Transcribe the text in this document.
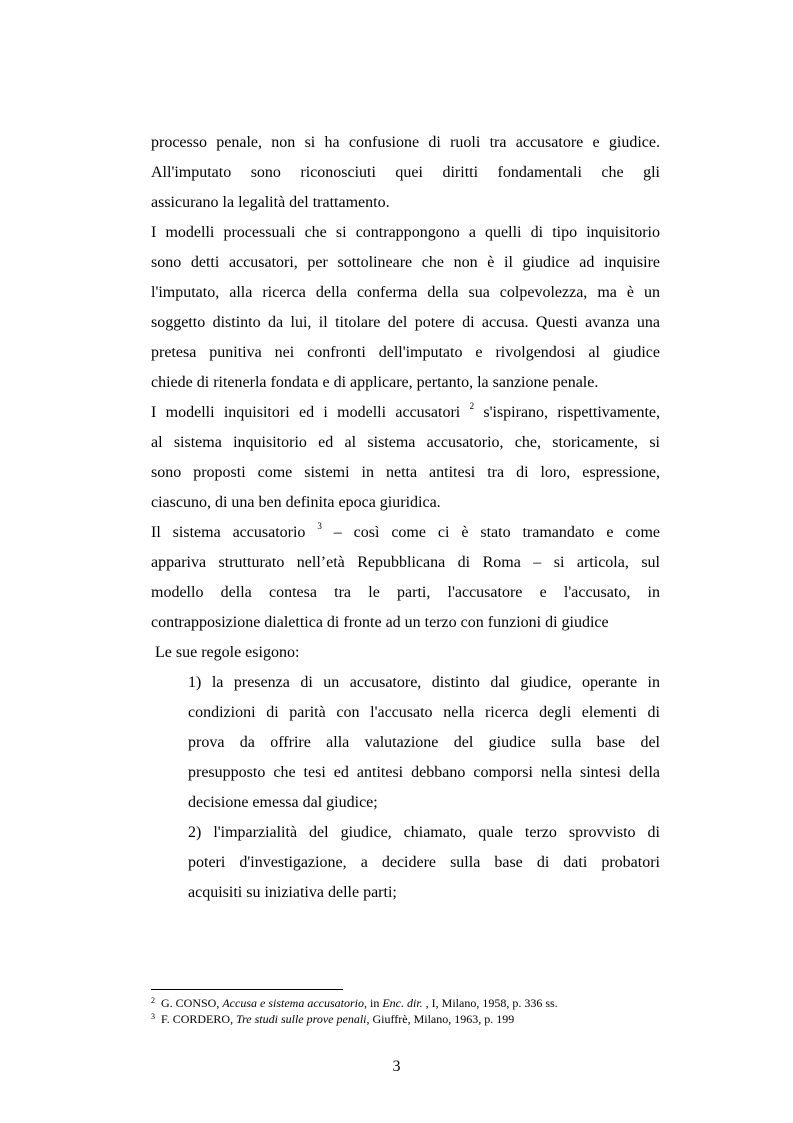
processo penale, non si ha confusione di ruoli tra accusatore e giudice.
All'imputato sono riconosciuti quei diritti fondamentali che gli
assicurano la legalità del trattamento.
I modelli processuali che si contrappongono a quelli di tipo inquisitorio
sono detti accusatori, per sottolineare che non è il giudice ad inquisire
l'imputato, alla ricerca della conferma della sua colpevolezza, ma è un
soggetto distinto da lui, il titolare del potere di accusa. Questi avanza una
pretesa punitiva nei confronti dell'imputato e rivolgendosi al giudice
chiede di ritenerla fondata e di applicare, pertanto, la sanzione penale.
I modelli inquisitori ed i modelli accusatori $^2$ s'ispirano, rispettivamente,
al sistema inquisitorio ed al sistema accusatorio, che, storicamente, si
sono proposti come sistemi in netta antitesi tra di loro, espressione,
ciascuno, di una ben definita epoca giuridica.
Il sistema accusatorio $^3$ – così come ci è stato tramandato e come
appariva strutturato nell’età Repubblicana di Roma – si articola, sul
modello della contesa tra le parti, l'accusatore e l'accusato, in
contrapposizione dialettica di fronte ad un terzo con funzioni di giudice
Le sue regole esigono:
1) la presenza di un accusatore, distinto dal giudice, operante in
condizioni di parità con l'accusato nella ricerca degli elementi di
prova da offrire alla valutazione del giudice sulla base del
presupposto che tesi ed antitesi debbano comporsi nella sintesi della
decisione emessa dal giudice;
2) l'imparzialità del giudice, chiamato, quale terzo sprovvisto di
poteri d'investigazione, a decidere sulla base di dati probatori
acquisiti su iniziativa delle parti;
$^2$ G. CONSO, Accusa e sistema accusatorio, in Enc. dir. , I, Milano, 1958, p. 336 ss.
$^3$ F. CORDERO, Tre studi sulle prove penali, Giuffrè, Milano, 1963, p. 199
3
